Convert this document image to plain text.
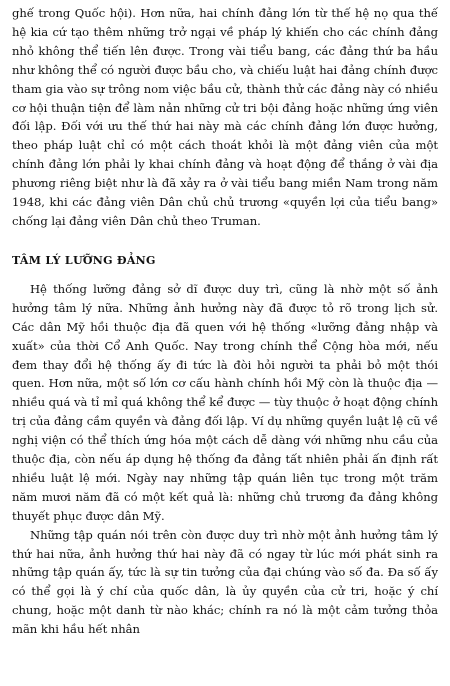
ghế trong Quốc hội). Hơn nữa, hai chính đảng lớn từ thế hệ nọ qua thế hệ kia cứ tạo thêm những trở ngại về pháp lý khiến cho các chính đảng nhỏ không thể tiến lên được. Trong vài tiểu bang, các đảng thứ ba hầu như không thể có người được bầu cho, và chiếu luật hai đảng chính được tham gia vào sự trông nom việc bầu cử, thành thử các đảng này có nhiều cơ hội thuận tiện để làm nản những cử tri bội đảng hoặc những ứng viên đối lập. Đối với ưu thế thứ hai này mà các chính đảng lớn được hưởng, theo pháp luật chỉ có một cách thoát khỏi là một đảng viên của một chính đảng lớn phải ly khai chính đảng và hoạt động để thắng ở vài địa phương riêng biệt như là đã xảy ra ở vài tiểu bang miền Nam trong năm 1948, khi các đảng viên Dân chủ chủ trương «quyền lợi của tiểu bang» chống lại đảng viên Dân chủ theo Truman.

TÂM LÝ LƯỠNG ĐẢNG

Hệ thống lưỡng đảng sở dĩ được duy trì, cũng là nhờ một số ảnh hưởng tâm lý nữa. Những ảnh hưởng này đã được tỏ rõ trong lịch sử. Các dân Mỹ hồi thuộc địa đã quen với hệ thống «lưỡng đảng nhập và xuất» của thời Cổ Anh Quốc. Nay trong chính thể Cộng hòa mới, nếu đem thay đổi hệ thống ấy đi tức là đòi hỏi người ta phải bỏ một thói quen. Hơn nữa, một số lớn cơ cấu hành chính hồi Mỹ còn là thuộc địa — nhiều quá và tỉ mỉ quá không thể kể được — tùy thuộc ở hoạt động chính trị của đảng cầm quyền và đảng đối lập. Ví dụ những quyền luật lệ cũ về nghị viện có thể thích ứng hóa một cách dễ dàng với những nhu cầu của thuộc địa, còn nếu áp dụng hệ thống đa đảng tất nhiên phải ấn định rất nhiều luật lệ mới. Ngày nay những tập quán liên tục trong một trăm năm mươi năm đã có một kết quả là: những chủ trương đa đảng không thuyết phục được dân Mỹ.

Những tập quán nói trên còn được duy trì nhờ một ảnh hưởng tâm lý thứ hai nữa, ảnh hưởng thứ hai này đã có ngay từ lúc mới phát sinh ra những tập quán ấy, tức là sự tin tưởng của đại chúng vào số đa. Đa số ấy có thể gọi là ý chí của quốc dân, là ủy quyền của cử tri, hoặc ý chí chung, hoặc một danh từ nào khác; chính ra nó là một cảm tưởng thỏa mãn khi hầu hết nhân
